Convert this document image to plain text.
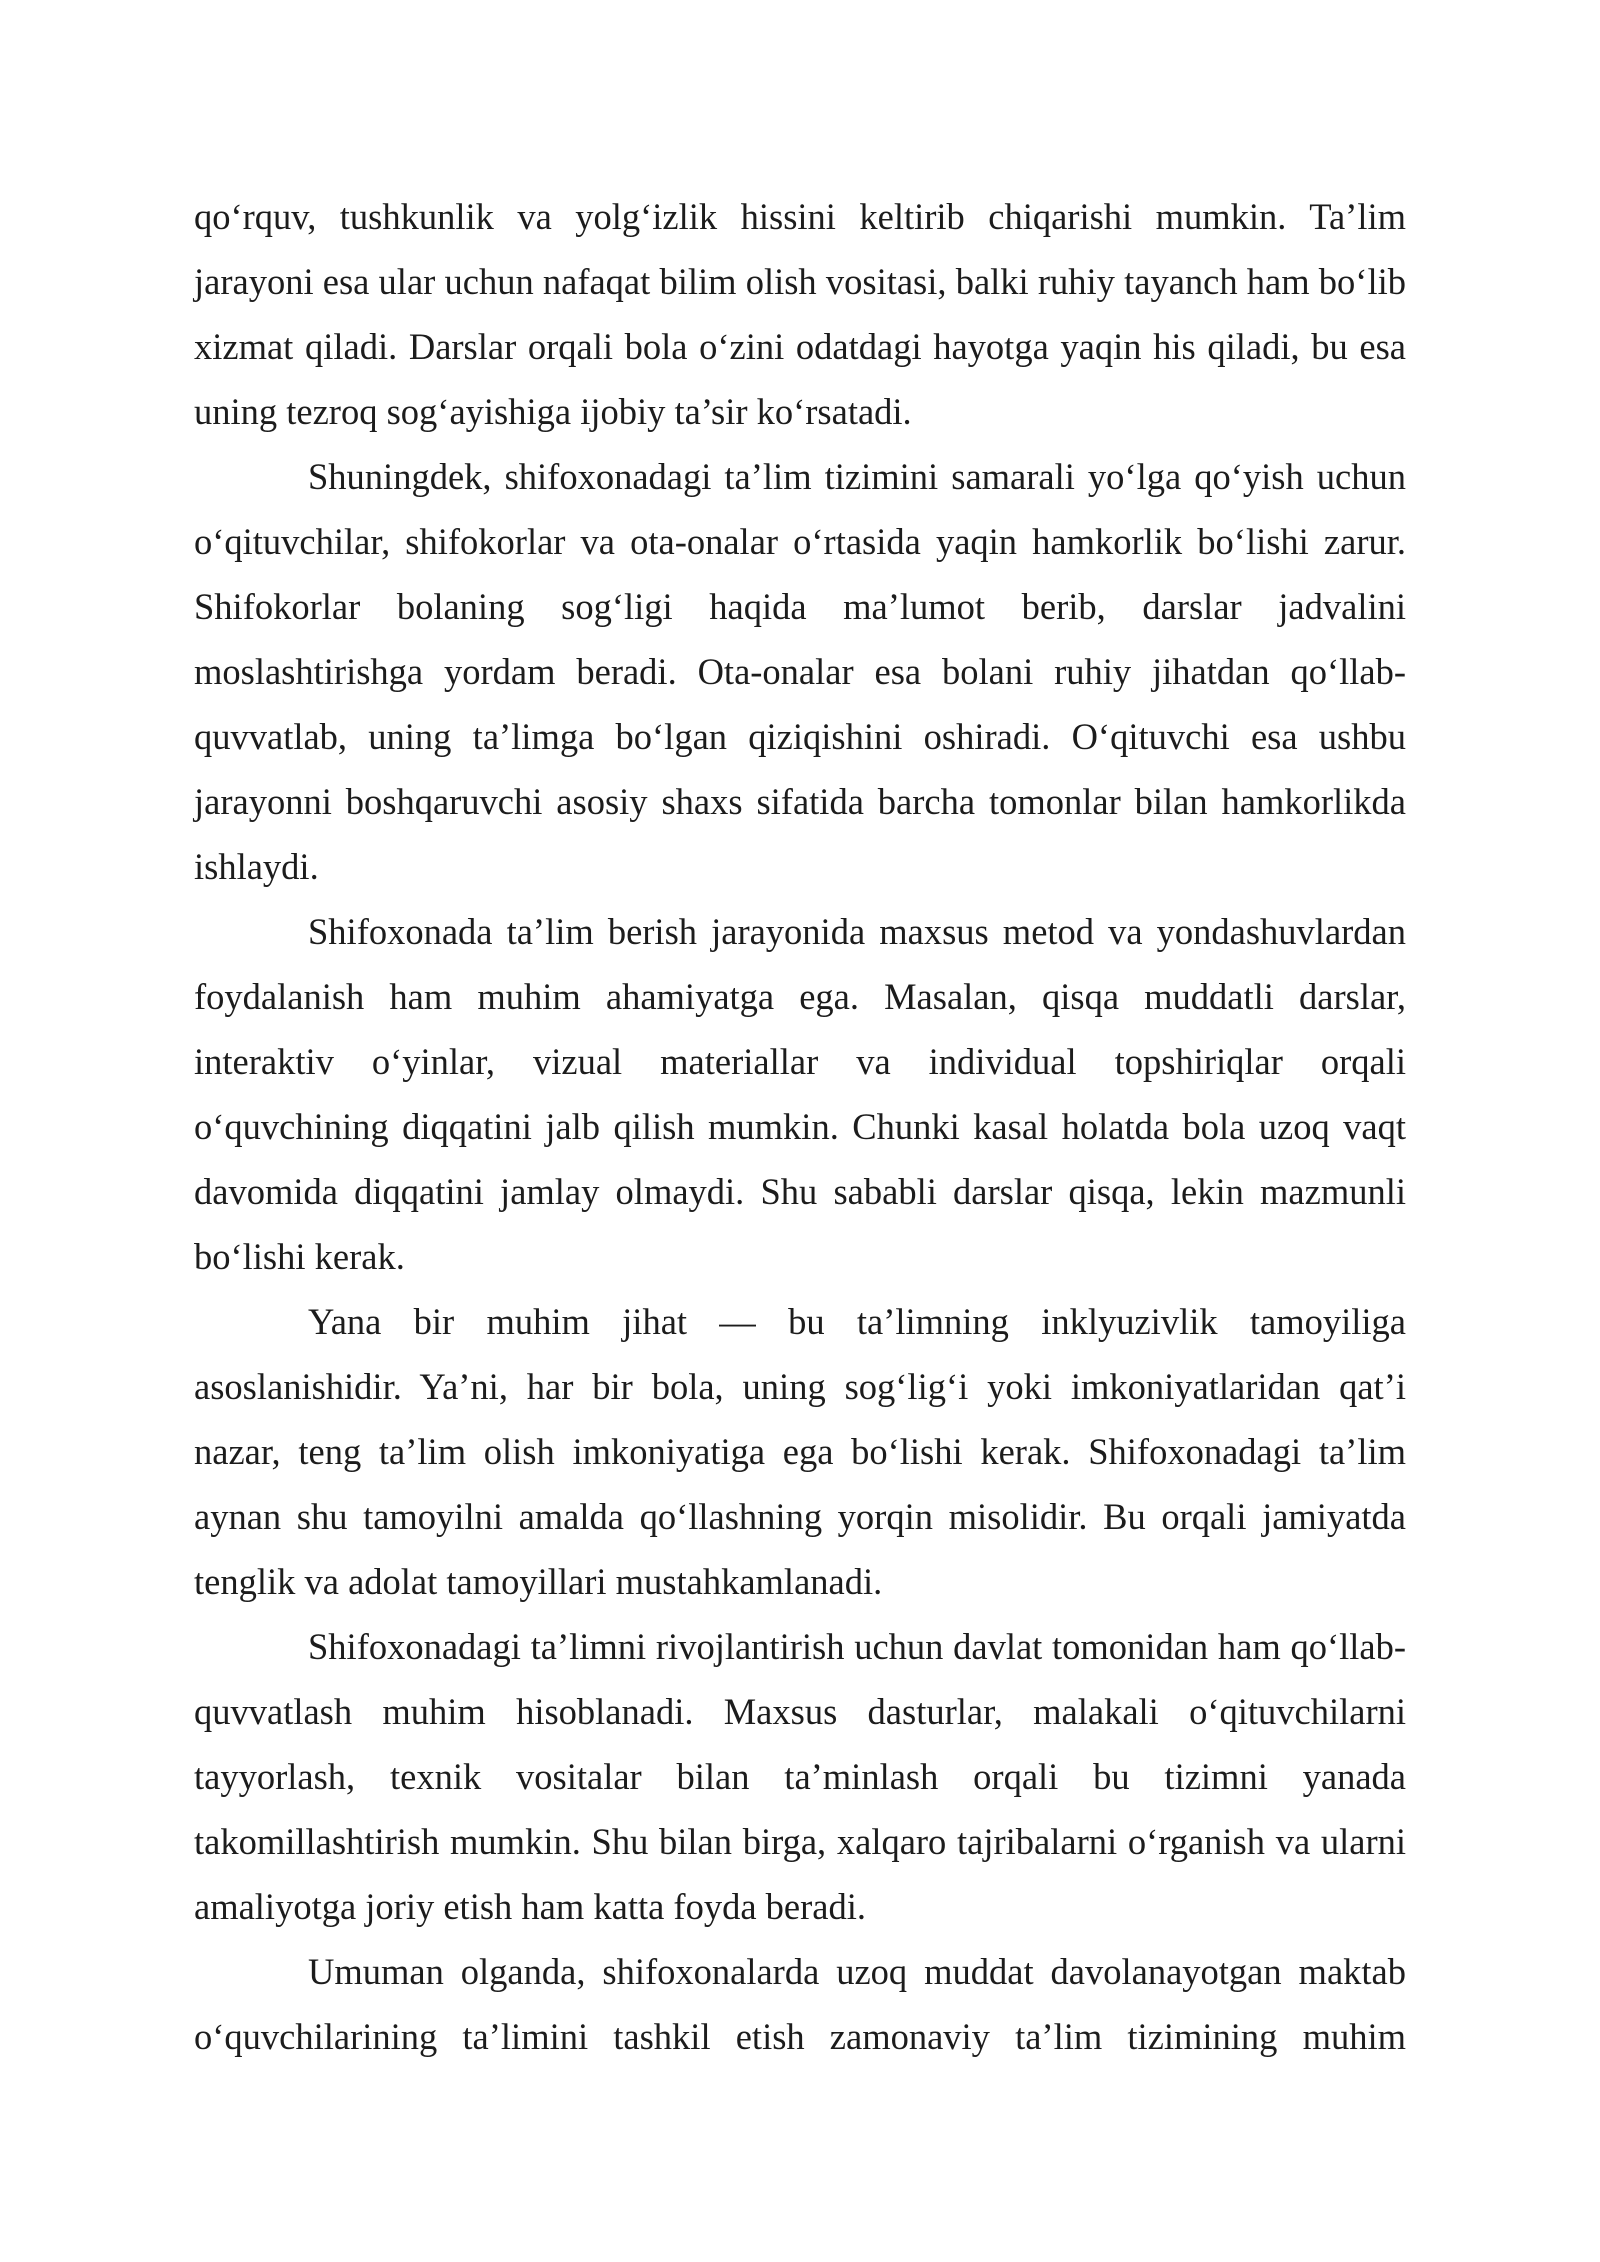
qo‘rquv, tushkunlik va yolg‘izlik hissini keltirib chiqarishi mumkin. Ta’lim jarayoni esa ular uchun nafaqat bilim olish vositasi, balki ruhiy tayanch ham bo‘lib xizmat qiladi. Darslar orqali bola o‘zini odatdagi hayotga yaqin his qiladi, bu esa uning tezroq sog‘ayishiga ijobiy ta’sir ko‘rsatadi.

Shuningdek, shifoxonadagi ta’lim tizimini samarali yo‘lga qo‘yish uchun o‘qituvchilar, shifokorlar va ota-onalar o‘rtasida yaqin hamkorlik bo‘lishi zarur. Shifokorlar bolaning sog‘ligi haqida ma’lumot berib, darslar jadvalini moslashtirishga yordam beradi. Ota-onalar esa bolani ruhiy jihatdan qo‘llab-quvvatlab, uning ta’limga bo‘lgan qiziqishini oshiradi. O‘qituvchi esa ushbu jarayonni boshqaruvchi asosiy shaxs sifatida barcha tomonlar bilan hamkorlikda ishlaydi.

Shifoxonada ta’lim berish jarayonida maxsus metod va yondashuvlardan foydalanish ham muhim ahamiyatga ega. Masalan, qisqa muddatli darslar, interaktiv o‘yinlar, vizual materiallar va individual topshiriqlar orqali o‘quvchining diqqatini jalb qilish mumkin. Chunki kasal holatda bola uzoq vaqt davomida diqqatini jamlay olmaydi. Shu sababli darslar qisqa, lekin mazmunli bo‘lishi kerak.

Yana bir muhim jihat — bu ta’limning inklyuzivlik tamoyiliga asoslanishidir. Ya’ni, har bir bola, uning sog‘lig‘i yoki imkoniyatlaridan qat’i nazar, teng ta’lim olish imkoniyatiga ega bo‘lishi kerak. Shifoxonadagi ta’lim aynan shu tamoyilni amalda qo‘llashning yorqin misolidir. Bu orqali jamiyatda tenglik va adolat tamoyillari mustahkamlanadi.

Shifoxonadagi ta’limni rivojlantirish uchun davlat tomonidan ham qo‘llab-quvvatlash muhim hisoblanadi. Maxsus dasturlar, malakali o‘qituvchilarni tayyorlash, texnik vositalar bilan ta’minlash orqali bu tizimni yanada takomillashtirish mumkin. Shu bilan birga, xalqaro tajribalarni o‘rganish va ularni amaliyotga joriy etish ham katta foyda beradi.

Umuman olganda, shifoxonalarda uzoq muddat davolanayotgan maktab o‘quvchilarining ta’limini tashkil etish zamonaviy ta’lim tizimining muhim
